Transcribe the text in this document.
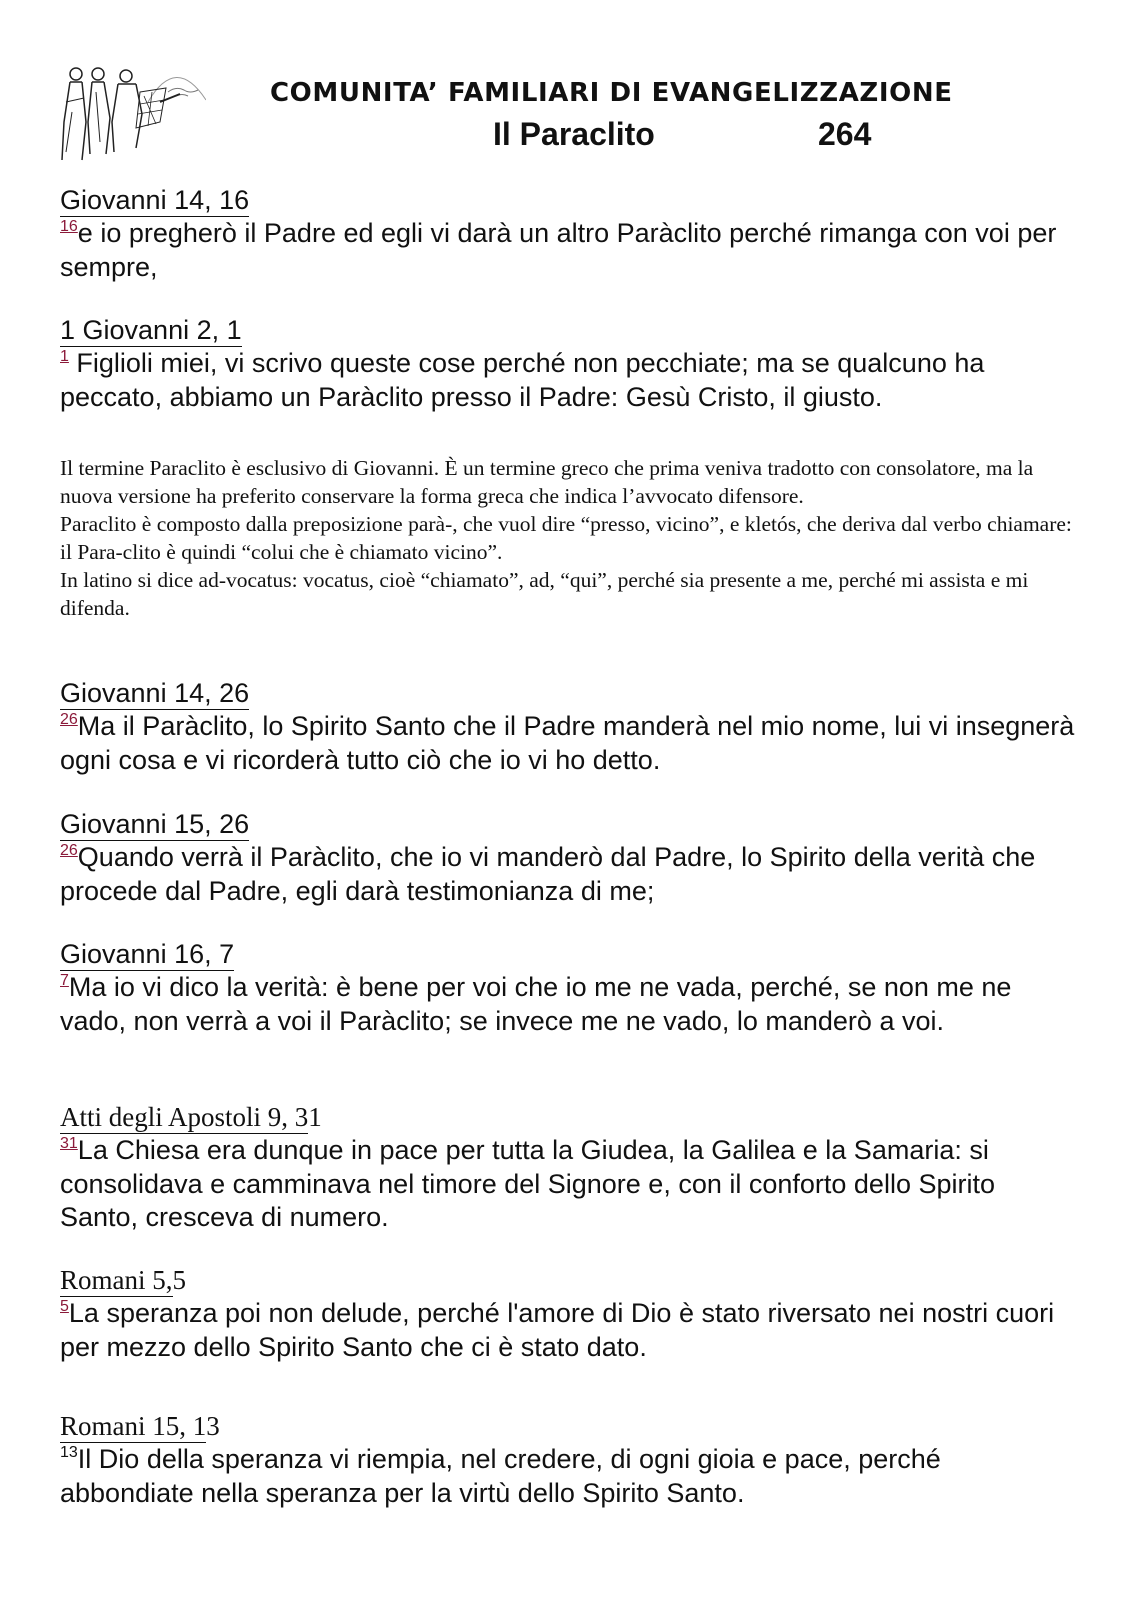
COMUNITA’ FAMILIARI DI EVANGELIZZAZIONE
Il Paraclito	264
Giovanni 14, 16

$^{16}$e io pregherò il Padre ed egli vi darà un altro Paràclito perché rimanga con voi per sempre,

1 Giovanni 2, 1

$^1$ Figlioli miei, vi scrivo queste cose perché non pecchiate; ma se qualcuno ha peccato, abbiamo un Paràclito presso il Padre: Gesù Cristo, il giusto.

Il termine Paraclito è esclusivo di Giovanni. È un termine greco che prima veniva tradotto con consolatore, ma la nuova versione ha preferito conservare la forma greca che indica l’avvocato difensore.

Paraclito è composto dalla preposizione parà-, che vuol dire “presso, vicino”, e kletós, che deriva dal verbo chiamare: il Para-clito è quindi “colui che è chiamato vicino”.

In latino si dice ad-vocatus: vocatus, cioè “chiamato”, ad, “qui”, perché sia presente a me, perché mi assista e mi difenda.

Giovanni 14, 26

$^{26}$Ma il Paràclito, lo Spirito Santo che il Padre manderà nel mio nome, lui vi insegnerà ogni cosa e vi ricorderà tutto ciò che io vi ho detto.

Giovanni 15, 26

$^{26}$Quando verrà il Paràclito, che io vi manderò dal Padre, lo Spirito della verità che procede dal Padre, egli darà testimonianza di me;

Giovanni 16, 7

$^7$Ma io vi dico la verità: è bene per voi che io me ne vada, perché, se non me ne vado, non verrà a voi il Paràclito; se invece me ne vado, lo manderò a voi.

Atti degli Apostoli 9, 31

$^{31}$La Chiesa era dunque in pace per tutta la Giudea, la Galilea e la Samaria: si consolidava e camminava nel timore del Signore e, con il conforto dello Spirito Santo, cresceva di numero.

Romani 5,5

$^5$La speranza poi non delude, perché l'amore di Dio è stato riversato nei nostri cuori per mezzo dello Spirito Santo che ci è stato dato.

Romani 15, 13

$^{13}$Il Dio della speranza vi riempia, nel credere, di ogni gioia e pace, perché abbondiate nella speranza per la virtù dello Spirito Santo.
